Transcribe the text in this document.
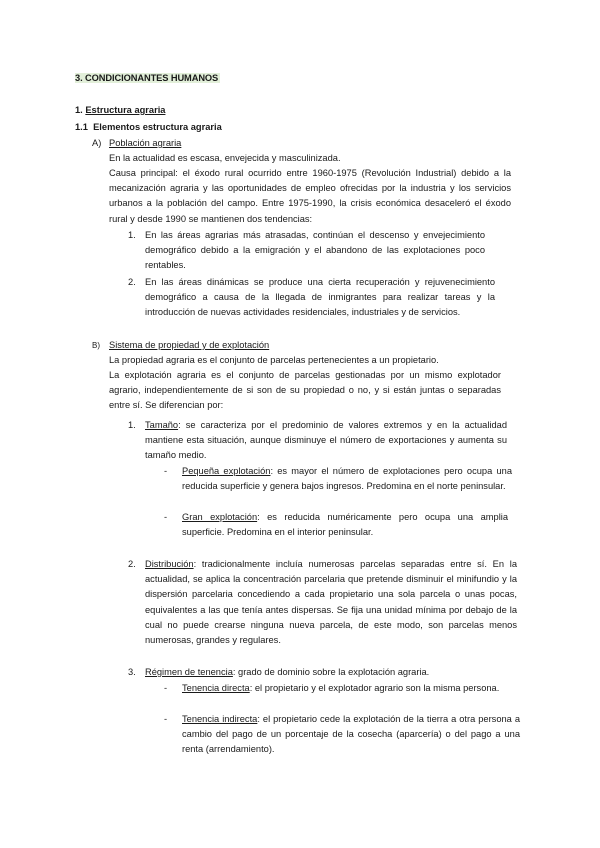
3. CONDICIONANTES HUMANOS
1. Estructura agraria
1.1 Elementos estructura agraria
A) Población agraria
En la actualidad es escasa, envejecida y masculinizada.
Causa principal: el éxodo rural ocurrido entre 1960-1975 (Revolución Industrial) debido a la mecanización agraria y las oportunidades de empleo ofrecidas por la industria y los servicios urbanos a la población del campo. Entre 1975-1990, la crisis económica desaceleró el éxodo rural y desde 1990 se mantienen dos tendencias:
1. En las áreas agrarias más atrasadas, continúan el descenso y envejecimiento demográfico debido a la emigración y el abandono de las explotaciones poco rentables.
2. En las áreas dinámicas se produce una cierta recuperación y rejuvenecimiento demográfico a causa de la llegada de inmigrantes para realizar tareas y la introducción de nuevas actividades residenciales, industriales y de servicios.
B) Sistema de propiedad y de explotación
La propiedad agraria es el conjunto de parcelas pertenecientes a un propietario.
La explotación agraria es el conjunto de parcelas gestionadas por un mismo explotador agrario, independientemente de si son de su propiedad o no, y si están juntas o separadas entre sí. Se diferencian por:
1. Tamaño: se caracteriza por el predominio de valores extremos y en la actualidad mantiene esta situación, aunque disminuye el número de exportaciones y aumenta su tamaño medio.
- Pequeña explotación: es mayor el número de explotaciones pero ocupa una reducida superficie y genera bajos ingresos. Predomina en el norte peninsular.
- Gran explotación: es reducida numéricamente pero ocupa una amplia superficie. Predomina en el interior peninsular.
2. Distribución: tradicionalmente incluía numerosas parcelas separadas entre sí. En la actualidad, se aplica la concentración parcelaria que pretende disminuir el minifundio y la dispersión parcelaria concediendo a cada propietario una sola parcela o unas pocas, equivalentes a las que tenía antes dispersas. Se fija una unidad mínima por debajo de la cual no puede crearse ninguna nueva parcela, de este modo, son parcelas menos numerosas, grandes y regulares.
3. Régimen de tenencia: grado de dominio sobre la explotación agraria.
- Tenencia directa: el propietario y el explotador agrario son la misma persona.
- Tenencia indirecta: el propietario cede la explotación de la tierra a otra persona a cambio del pago de un porcentaje de la cosecha (aparcería) o del pago a una renta (arrendamiento).
